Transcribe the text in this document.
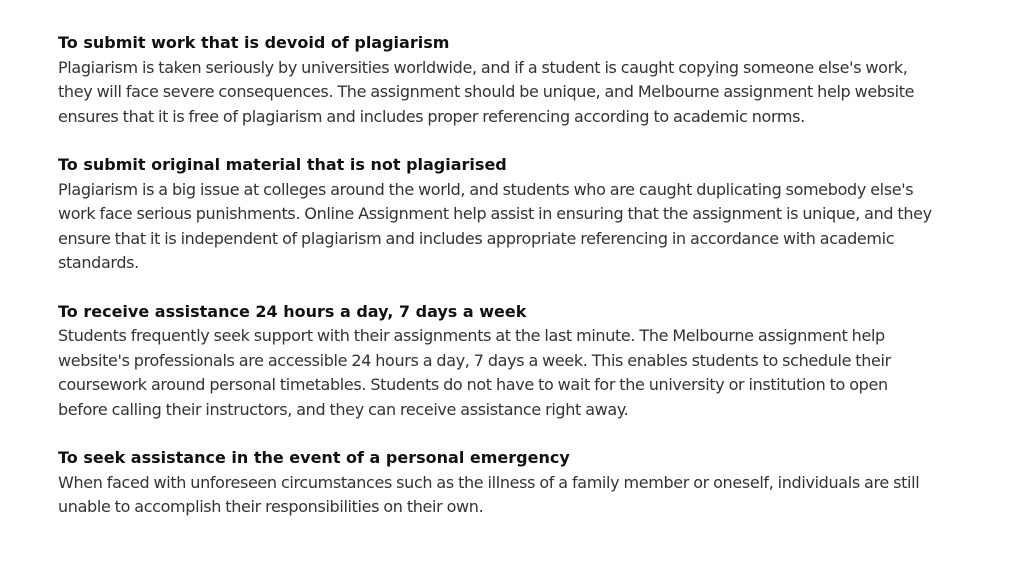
To submit work that is devoid of plagiarism
Plagiarism is taken seriously by universities worldwide, and if a student is caught copying someone else's work,
they will face severe consequences. The assignment should be unique, and Melbourne assignment help website
ensures that it is free of plagiarism and includes proper referencing according to academic norms.
To submit original material that is not plagiarised
Plagiarism is a big issue at colleges around the world, and students who are caught duplicating somebody else's
work face serious punishments. Online Assignment help assist in ensuring that the assignment is unique, and they
ensure that it is independent of plagiarism and includes appropriate referencing in accordance with academic
standards.
To receive assistance 24 hours a day, 7 days a week
Students frequently seek support with their assignments at the last minute. The Melbourne assignment help
website's professionals are accessible 24 hours a day, 7 days a week. This enables students to schedule their
coursework around personal timetables. Students do not have to wait for the university or institution to open
before calling their instructors, and they can receive assistance right away.
To seek assistance in the event of a personal emergency
When faced with unforeseen circumstances such as the illness of a family member or oneself, individuals are still
unable to accomplish their responsibilities on their own.
